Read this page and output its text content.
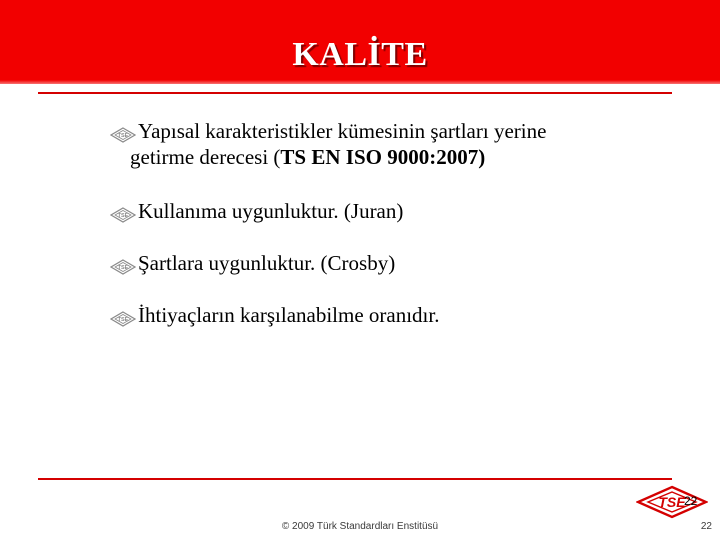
KALİTE
TSE Yapısal karakteristikler kümesinin şartları yerine
getirme derecesi (TS EN ISO 9000:2007)
TSE Kullanıma uygunluktur. (Juran)
TSE Şartlara uygunluktur. (Crosby)
TSE İhtiyaçların karşılanabilme oranıdır.
TSE
22
© 2009 Türk Standardları Enstitüsü	22
